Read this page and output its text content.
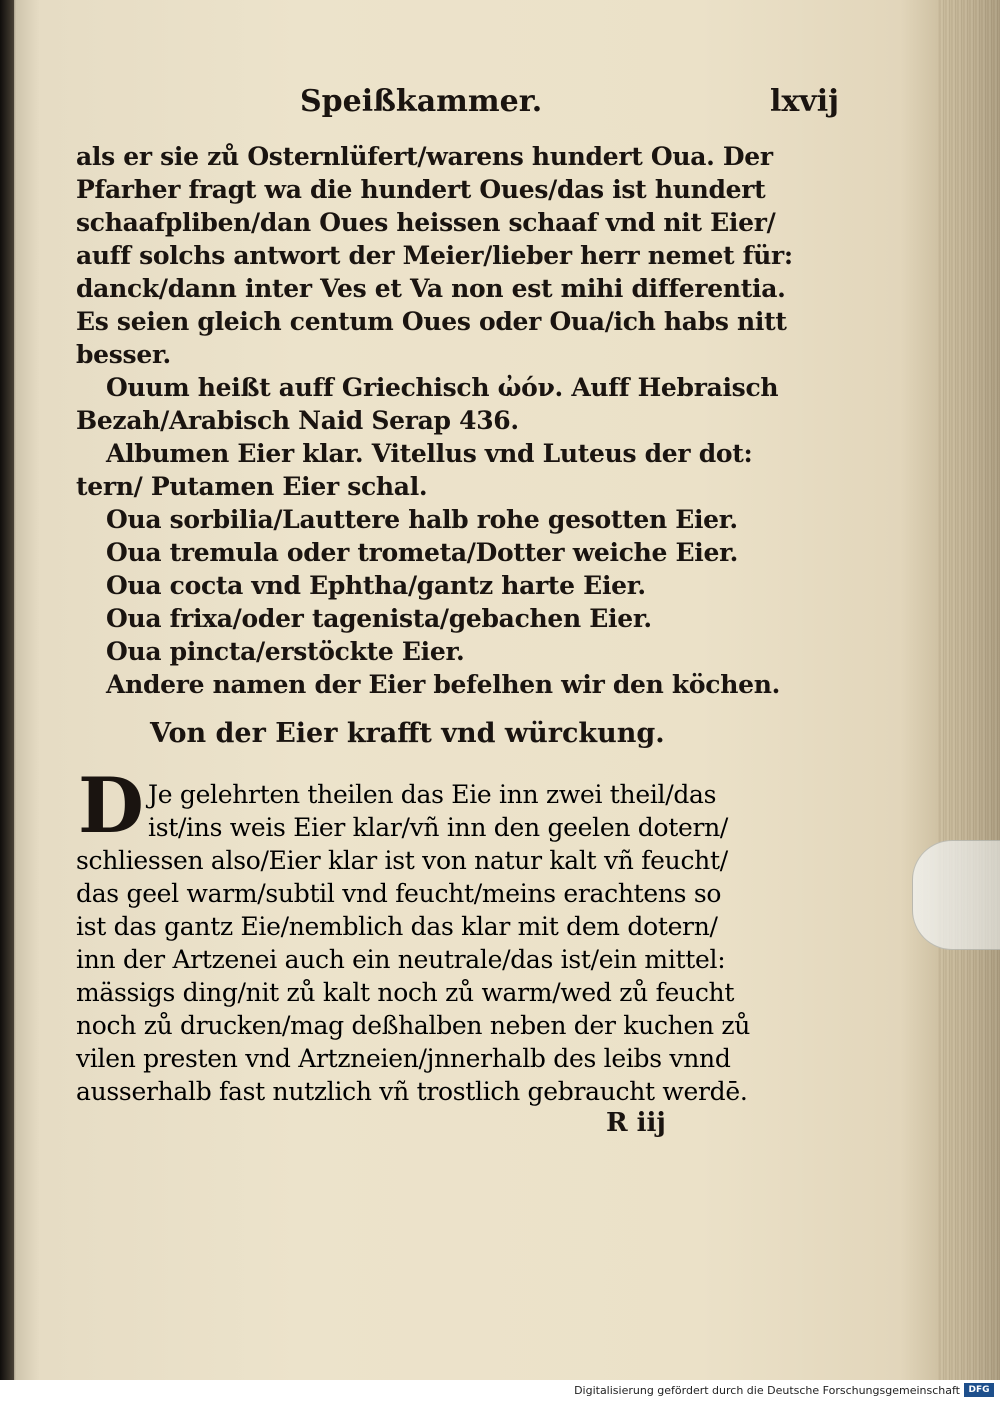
Speißkammer.	lxvij
als er sie zů Osternlüfert/warens hundert Oua. Der
Pfarher fragt wa die hundert Oues/das ist hundert
schaafpliben/dan Oues heissen schaaf vnd nit Eier/
auff solchs antwort der Meier/lieber herr nemet für:
danck/dann inter Ves et Va non est mihi differentia.
Es seien gleich centum Oues oder Oua/ich habs nitt
besser.
Ouum heißt auff Griechisch ὠόν. Auff Hebraisch
Bezah/Arabisch Naid Serap 436.
Albumen Eier klar. Vitellus vnd Luteus der dot:
tern/ Putamen Eier schal.
Oua sorbilia/Lauttere halb rohe gesotten Eier.
Oua tremula oder trometa/Dotter weiche Eier.
Oua cocta vnd Ephtha/gantz harte Eier.
Oua frixa/oder tagenista/gebachen Eier.
Oua pincta/erstöckte Eier.
Andere namen der Eier befelhen wir den köchen.
Von der Eier krafft vnd würckung.
D Je gelehrten theilen das Eie inn zwei theil/das
ist/ins weis Eier klar/vñ inn den geelen dotern/
schliessen also/Eier klar ist von natur kalt vñ feucht/
das geel warm/subtil vnd feucht/meins erachtens so
ist das gantz Eie/nemblich das klar mit dem dotern/
inn der Artzenei auch ein neutrale/das ist/ein mittel:
mässigs ding/nit zů kalt noch zů warm/wed zů feucht
noch zů drucken/mag deßhalben neben der kuchen zů
vilen presten vnd Artzneien/jnnerhalb des leibs vnnd
ausserhalb fast nutzlich vñ trostlich gebraucht werdē.
R iij
Digitalisierung gefördert durch die Deutsche Forschungsgemeinschaft DFG
